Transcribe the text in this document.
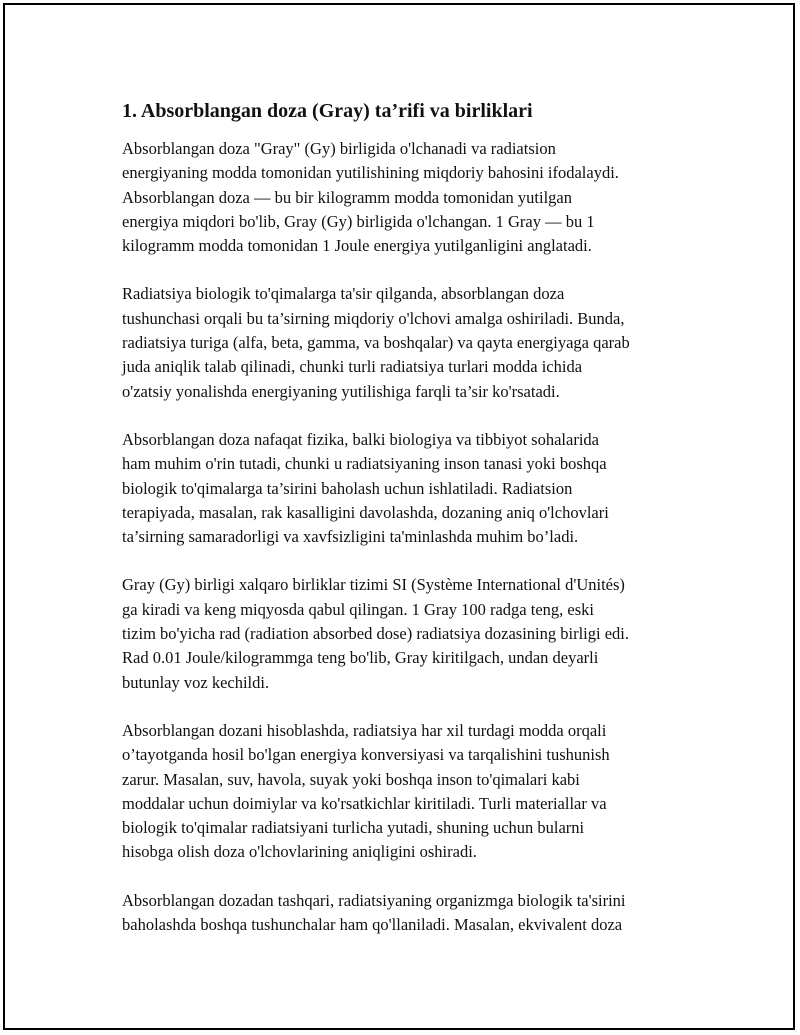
1. Absorblangan doza (Gray) ta’rifi va birliklari

Absorblangan doza "Gray" (Gy) birligida o'lchanadi va radiatsion
energiyaning modda tomonidan yutilishining miqdoriy bahosini ifodalaydi.
Absorblangan doza — bu bir kilogramm modda tomonidan yutilgan
energiya miqdori bo'lib, Gray (Gy) birligida o'lchangan. 1 Gray — bu 1
kilogramm modda tomonidan 1 Joule energiya yutilganligini anglatadi.

Radiatsiya biologik to'qimalarga ta'sir qilganda, absorblangan doza
tushunchasi orqali bu ta’sirning miqdoriy o'lchovi amalga oshiriladi. Bunda,
radiatsiya turiga (alfa, beta, gamma, va boshqalar) va qayta energiyaga qarab
juda aniqlik talab qilinadi, chunki turli radiatsiya turlari modda ichida
o'zatsiy yonalishda energiyaning yutilishiga farqli ta’sir ko'rsatadi.

Absorblangan doza nafaqat fizika, balki biologiya va tibbiyot sohalarida
ham muhim o'rin tutadi, chunki u radiatsiyaning inson tanasi yoki boshqa
biologik to'qimalarga ta’sirini baholash uchun ishlatiladi. Radiatsion
terapiyada, masalan, rak kasalligini davolashda, dozaning aniq o'lchovlari
ta’sirning samaradorligi va xavfsizligini ta'minlashda muhim bo’ladi.

Gray (Gy) birligi xalqaro birliklar tizimi SI (Système International d'Unités)
ga kiradi va keng miqyosda qabul qilingan. 1 Gray 100 radga teng, eski
tizim bo'yicha rad (radiation absorbed dose) radiatsiya dozasining birligi edi.
Rad 0.01 Joule/kilogrammga teng bo'lib, Gray kiritilgach, undan deyarli
butunlay voz kechildi.

Absorblangan dozani hisoblashda, radiatsiya har xil turdagi modda orqali
o’tayotganda hosil bo'lgan energiya konversiyasi va tarqalishini tushunish
zarur. Masalan, suv, havola, suyak yoki boshqa inson to'qimalari kabi
moddalar uchun doimiylar va ko'rsatkichlar kiritiladi. Turli materiallar va
biologik to'qimalar radiatsiyani turlicha yutadi, shuning uchun bularni
hisobga olish doza o'lchovlarining aniqligini oshiradi.

Absorblangan dozadan tashqari, radiatsiyaning organizmga biologik ta'sirini
baholashda boshqa tushunchalar ham qo'llaniladi. Masalan, ekvivalent doza
